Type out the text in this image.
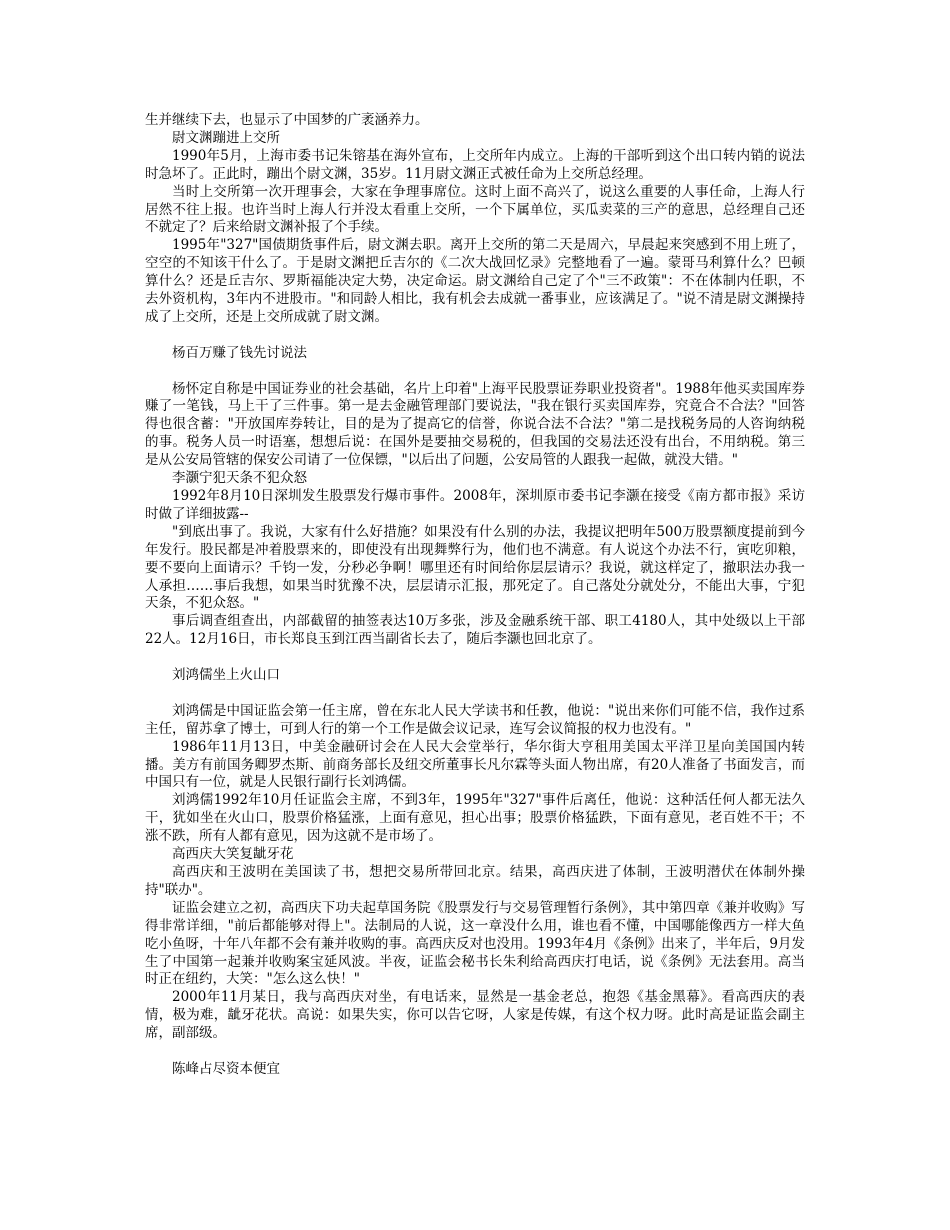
生并继续下去，也显示了中国梦的广袤涵养力。

尉文渊蹦进上交所

1990年5月，上海市委书记朱镕基在海外宣布，上交所年内成立。上海的干部听到这个出口转内销的说法时急坏了。正此时，蹦出个尉文渊，35岁。11月尉文渊正式被任命为上交所总经理。

当时上交所第一次开理事会，大家在争理事席位。这时上面不高兴了，说这么重要的人事任命，上海人行居然不往上报。也许当时上海人行并没太看重上交所，一个下属单位，买瓜卖菜的三产的意思，总经理自己还不就定了？后来给尉文渊补报了个手续。

1995年"327"国债期货事件后，尉文渊去职。离开上交所的第二天是周六，早晨起来突感到不用上班了，空空的不知该干什么了。于是尉文渊把丘吉尔的《二次大战回忆录》完整地看了一遍。蒙哥马利算什么？巴顿算什么？还是丘吉尔、罗斯福能决定大势，决定命运。尉文渊给自己定了个"三不政策"：不在体制内任职，不去外资机构，3年内不进股市。"和同龄人相比，我有机会去成就一番事业，应该满足了。"说不清是尉文渊操持成了上交所，还是上交所成就了尉文渊。

杨百万赚了钱先讨说法

杨怀定自称是中国证券业的社会基础，名片上印着"上海平民股票证券职业投资者"。1988年他买卖国库券赚了一笔钱，马上干了三件事。第一是去金融管理部门要说法，"我在银行买卖国库券，究竟合不合法？"回答得也很含蓄："开放国库券转让，目的是为了提高它的信誉，你说合法不合法？"第二是找税务局的人咨询纳税的事。税务人员一时语塞，想想后说：在国外是要抽交易税的，但我国的交易法还没有出台，不用纳税。第三是从公安局管辖的保安公司请了一位保镖，"以后出了问题，公安局管的人跟我一起做，就没大错。"

李灏宁犯天条不犯众怒

1992年8月10日深圳发生股票发行爆市事件。2008年，深圳原市委书记李灏在接受《南方都市报》采访时做了详细披露--

"到底出事了。我说，大家有什么好措施？如果没有什么别的办法，我提议把明年500万股票额度提前到今年发行。股民都是冲着股票来的，即使没有出现舞弊行为，他们也不满意。有人说这个办法不行，寅吃卯粮，要不要向上面请示？千钧一发，分秒必争啊！哪里还有时间给你层层请示？我说，就这样定了，撤职法办我一人承担……事后我想，如果当时犹豫不决，层层请示汇报，那死定了。自己落处分就处分，不能出大事，宁犯天条，不犯众怒。"

事后调查组查出，内部截留的抽签表达10万多张，涉及金融系统干部、职工4180人，其中处级以上干部22人。12月16日，市长郑良玉到江西当副省长去了，随后李灏也回北京了。

刘鸿儒坐上火山口

刘鸿儒是中国证监会第一任主席，曾在东北人民大学读书和任教，他说："说出来你们可能不信，我作过系主任，留苏拿了博士，可到人行的第一个工作是做会议记录，连写会议简报的权力也没有。"

1986年11月13日，中美金融研讨会在人民大会堂举行，华尔街大亨租用美国太平洋卫星向美国国内转播。美方有前国务卿罗杰斯、前商务部长及纽交所董事长凡尔霖等头面人物出席，有20人准备了书面发言，而中国只有一位，就是人民银行副行长刘鸿儒。

刘鸿儒1992年10月任证监会主席，不到3年，1995年"327"事件后离任，他说：这种活任何人都无法久干，犹如坐在火山口，股票价格猛涨，上面有意见，担心出事；股票价格猛跌，下面有意见，老百姓不干；不涨不跌，所有人都有意见，因为这就不是市场了。

高西庆大笑复龇牙花

高西庆和王波明在美国读了书，想把交易所带回北京。结果，高西庆进了体制，王波明潜伏在体制外操持"联办"。

证监会建立之初，高西庆下功夫起草国务院《股票发行与交易管理暂行条例》，其中第四章《兼并收购》写得非常详细，"前后都能够对得上"。法制局的人说，这一章没什么用，谁也看不懂，中国哪能像西方一样大鱼吃小鱼呀，十年八年都不会有兼并收购的事。高西庆反对也没用。1993年4月《条例》出来了，半年后，9月发生了中国第一起兼并收购案宝延风波。半夜，证监会秘书长朱利给高西庆打电话，说《条例》无法套用。高当时正在纽约，大笑："怎么这么快！"

2000年11月某日，我与高西庆对坐，有电话来，显然是一基金老总，抱怨《基金黑幕》。看高西庆的表情，极为难，龇牙花状。高说：如果失实，你可以告它呀，人家是传媒，有这个权力呀。此时高是证监会副主席，副部级。

陈峰占尽资本便宜
